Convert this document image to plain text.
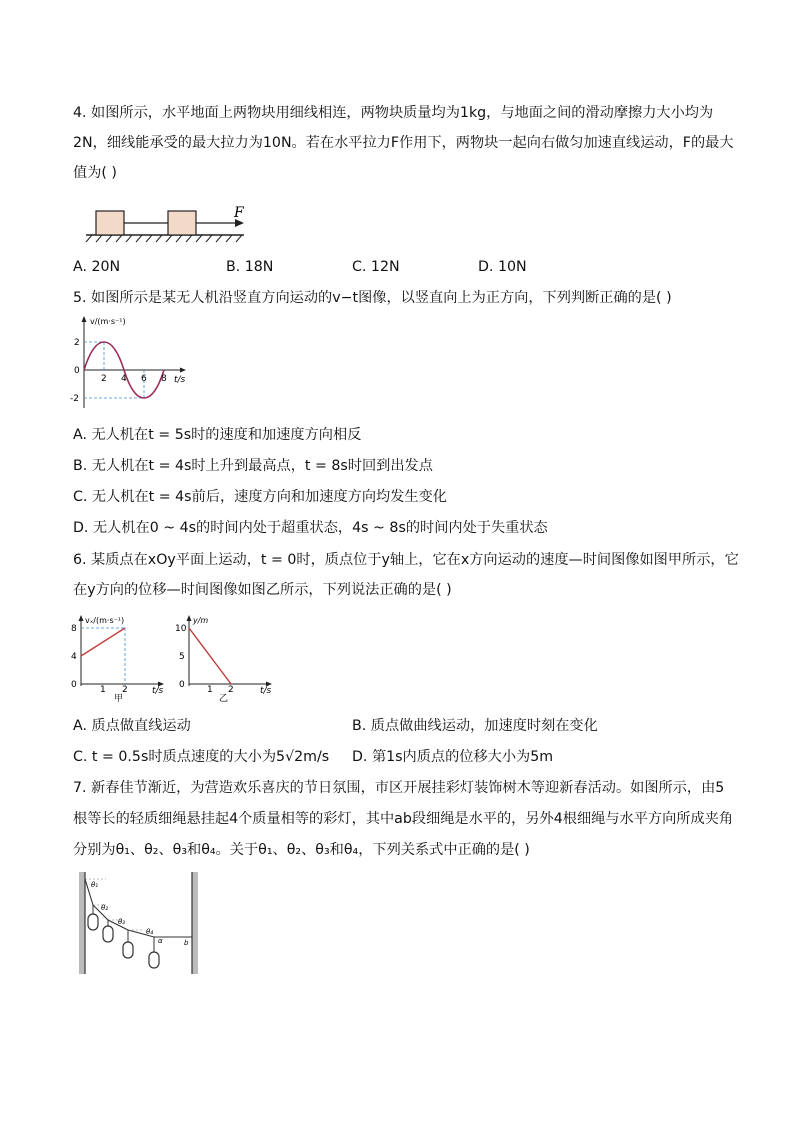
4. 如图所示，水平地面上两物块用细线相连，两物块质量均为1kg，与地面之间的滑动摩擦力大小均为
2N，细线能承受的最大拉力为10N。若在水平拉力F作用下，两物块一起向右做匀加速直线运动，F的最大
值为( )
F
A. 20N	B. 18N	C. 12N	D. 10N
5. 如图所示是某无人机沿竖直方向运动的v−t图像，以竖直向上为正方向，下列判断正确的是( )
v/(m·s⁻¹)
2
0
-2
2 4 6 8 t/s
A. 无人机在t = 5s时的速度和加速度方向相反
B. 无人机在t = 4s时上升到最高点，t = 8s时回到出发点
C. 无人机在t = 4s前后，速度方向和加速度方向均发生变化
D. 无人机在0 ~ 4s的时间内处于超重状态，4s ~ 8s的时间内处于失重状态
6. 某质点在xOy平面上运动，t = 0时，质点位于y轴上，它在x方向运动的速度—时间图像如图甲所示，它
在y方向的位移—时间图像如图乙所示，下列说法正确的是( )
vₓ/(m·s⁻¹)
8
4
0	1 2	t/s
甲
y/m
10
5
0 1 2	t/s
乙
A. 质点做直线运动	B. 质点做曲线运动，加速度时刻在变化
C. t = 0.5s时质点速度的大小为5√2m/s D. 第1s内质点的位移大小为5m
7. 新春佳节渐近，为营造欢乐喜庆的节日氛围，市区开展挂彩灯装饰树木等迎新春活动。如图所示，由5
根等长的轻质细绳悬挂起4个质量相等的彩灯，其中ab段细绳是水平的，另外4根细绳与水平方向所成夹角
分别为θ₁、θ₂、θ₃和θ₄。关于θ₁、θ₂、θ₃和θ₄，下列关系式中正确的是( )
θ₁
θ₂
θ₃
θ₄
α	b
